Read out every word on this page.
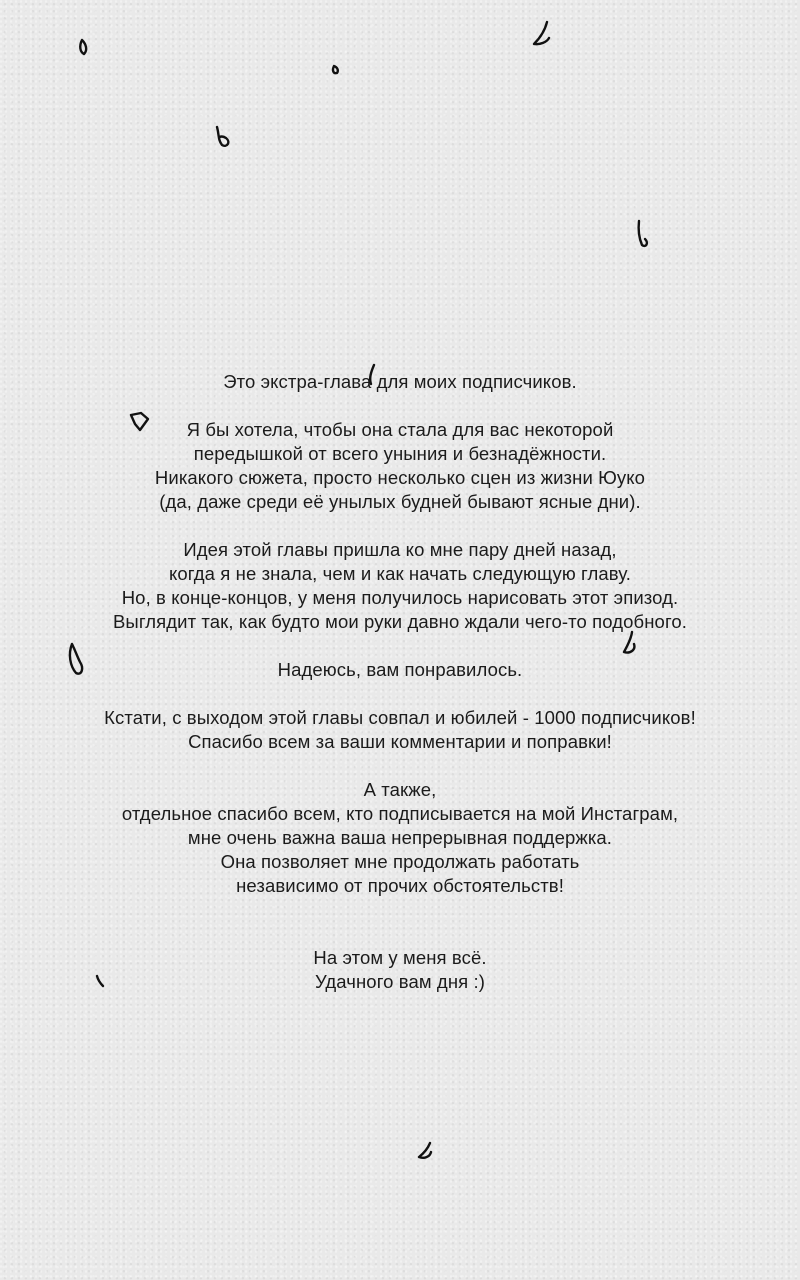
Это экстра-глава для моих подписчиков.

Я бы хотела, чтобы она стала для вас некоторой
передышкой от всего уныния и безнадёжности.
Никакого сюжета, просто несколько сцен из жизни Юуко
(да, даже среди её унылых будней бывают ясные дни).

Идея этой главы пришла ко мне пару дней назад,
когда я не знала, чем и как начать следующую главу.
Но, в конце-концов, у меня получилось нарисовать этот эпизод.
Выглядит так, как будто мои руки давно ждали чего-то подобного.

Надеюсь, вам понравилось.

Кстати, с выходом этой главы совпал и юбилей - 1000 подписчиков!
Спасибо всем за ваши комментарии и поправки!

А также,
отдельное спасибо всем, кто подписывается на мой Инстаграм,
мне очень важна ваша непрерывная поддержка.
Она позволяет мне продолжать работать
независимо от прочих обстоятельств!

На этом у меня всё.
Удачного вам дня :)
